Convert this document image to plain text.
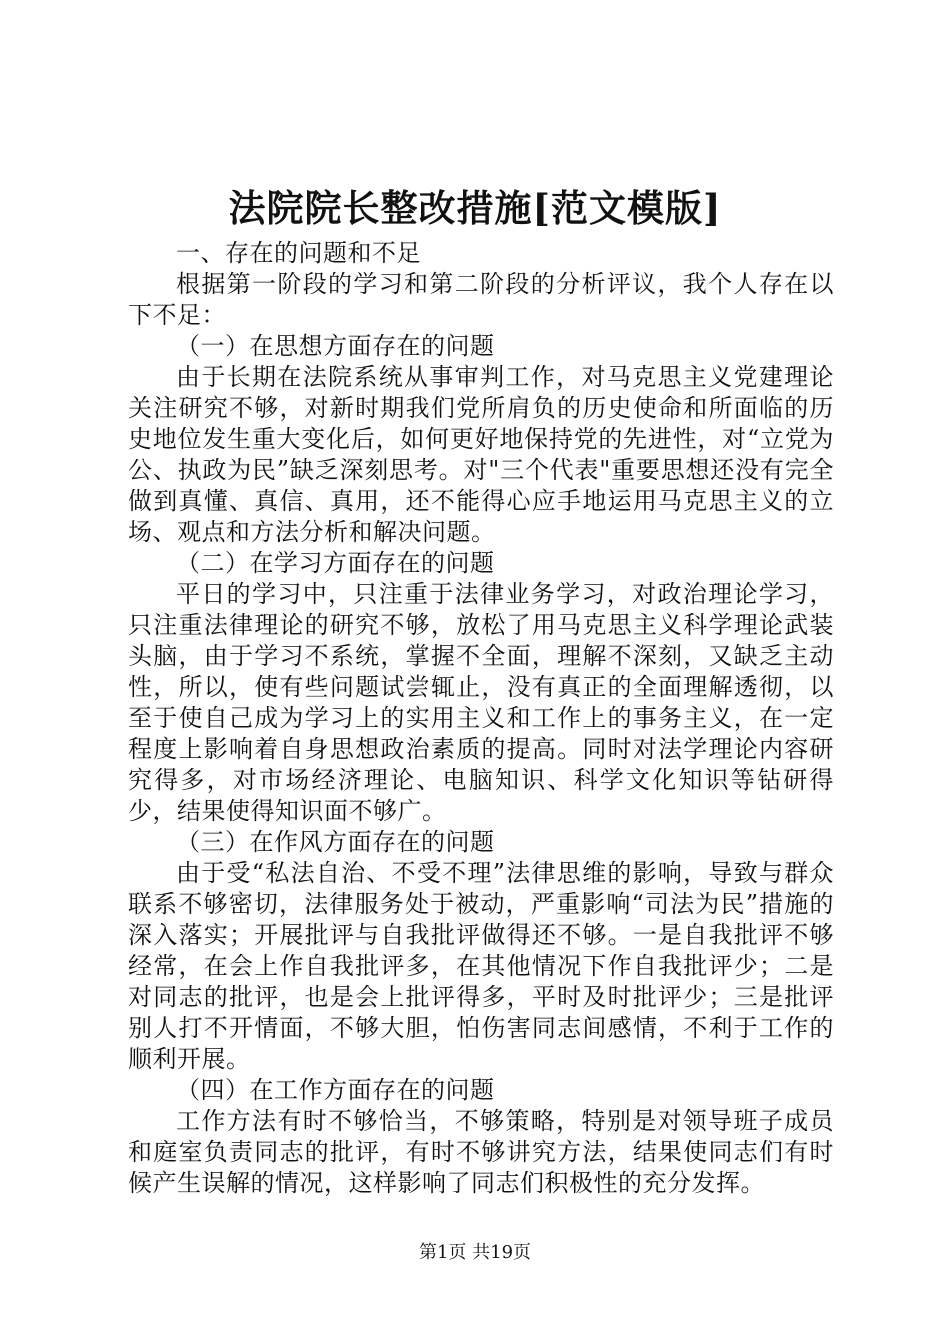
法院院长整改措施[范文模版]

一、存在的问题和不足

根据第一阶段的学习和第二阶段的分析评议，我个人存在以下不足：

（一）在思想方面存在的问题

由于长期在法院系统从事审判工作，对马克思主义党建理论关注研究不够，对新时期我们党所肩负的历史使命和所面临的历史地位发生重大变化后，如何更好地保持党的先进性，对“立党为公、执政为民”缺乏深刻思考。对"三个代表"重要思想还没有完全做到真懂、真信、真用，还不能得心应手地运用马克思主义的立场、观点和方法分析和解决问题。

（二）在学习方面存在的问题

平日的学习中，只注重于法律业务学习，对政治理论学习，只注重法律理论的研究不够，放松了用马克思主义科学理论武装头脑，由于学习不系统，掌握不全面，理解不深刻，又缺乏主动性，所以，使有些问题试尝辄止，没有真正的全面理解透彻，以至于使自己成为学习上的实用主义和工作上的事务主义，在一定程度上影响着自身思想政治素质的提高。同时对法学理论内容研究得多，对市场经济理论、电脑知识、科学文化知识等钻研得少，结果使得知识面不够广。

（三）在作风方面存在的问题

由于受“私法自治、不受不理”法律思维的影响，导致与群众联系不够密切，法律服务处于被动，严重影响“司法为民”措施的深入落实；开展批评与自我批评做得还不够。一是自我批评不够经常，在会上作自我批评多，在其他情况下作自我批评少；二是对同志的批评，也是会上批评得多，平时及时批评少；三是批评别人打不开情面，不够大胆，怕伤害同志间感情，不利于工作的顺利开展。

（四）在工作方面存在的问题

工作方法有时不够恰当，不够策略，特别是对领导班子成员和庭室负责同志的批评，有时不够讲究方法，结果使同志们有时候产生误解的情况，这样影响了同志们积极性的充分发挥。

第1页 共19页
